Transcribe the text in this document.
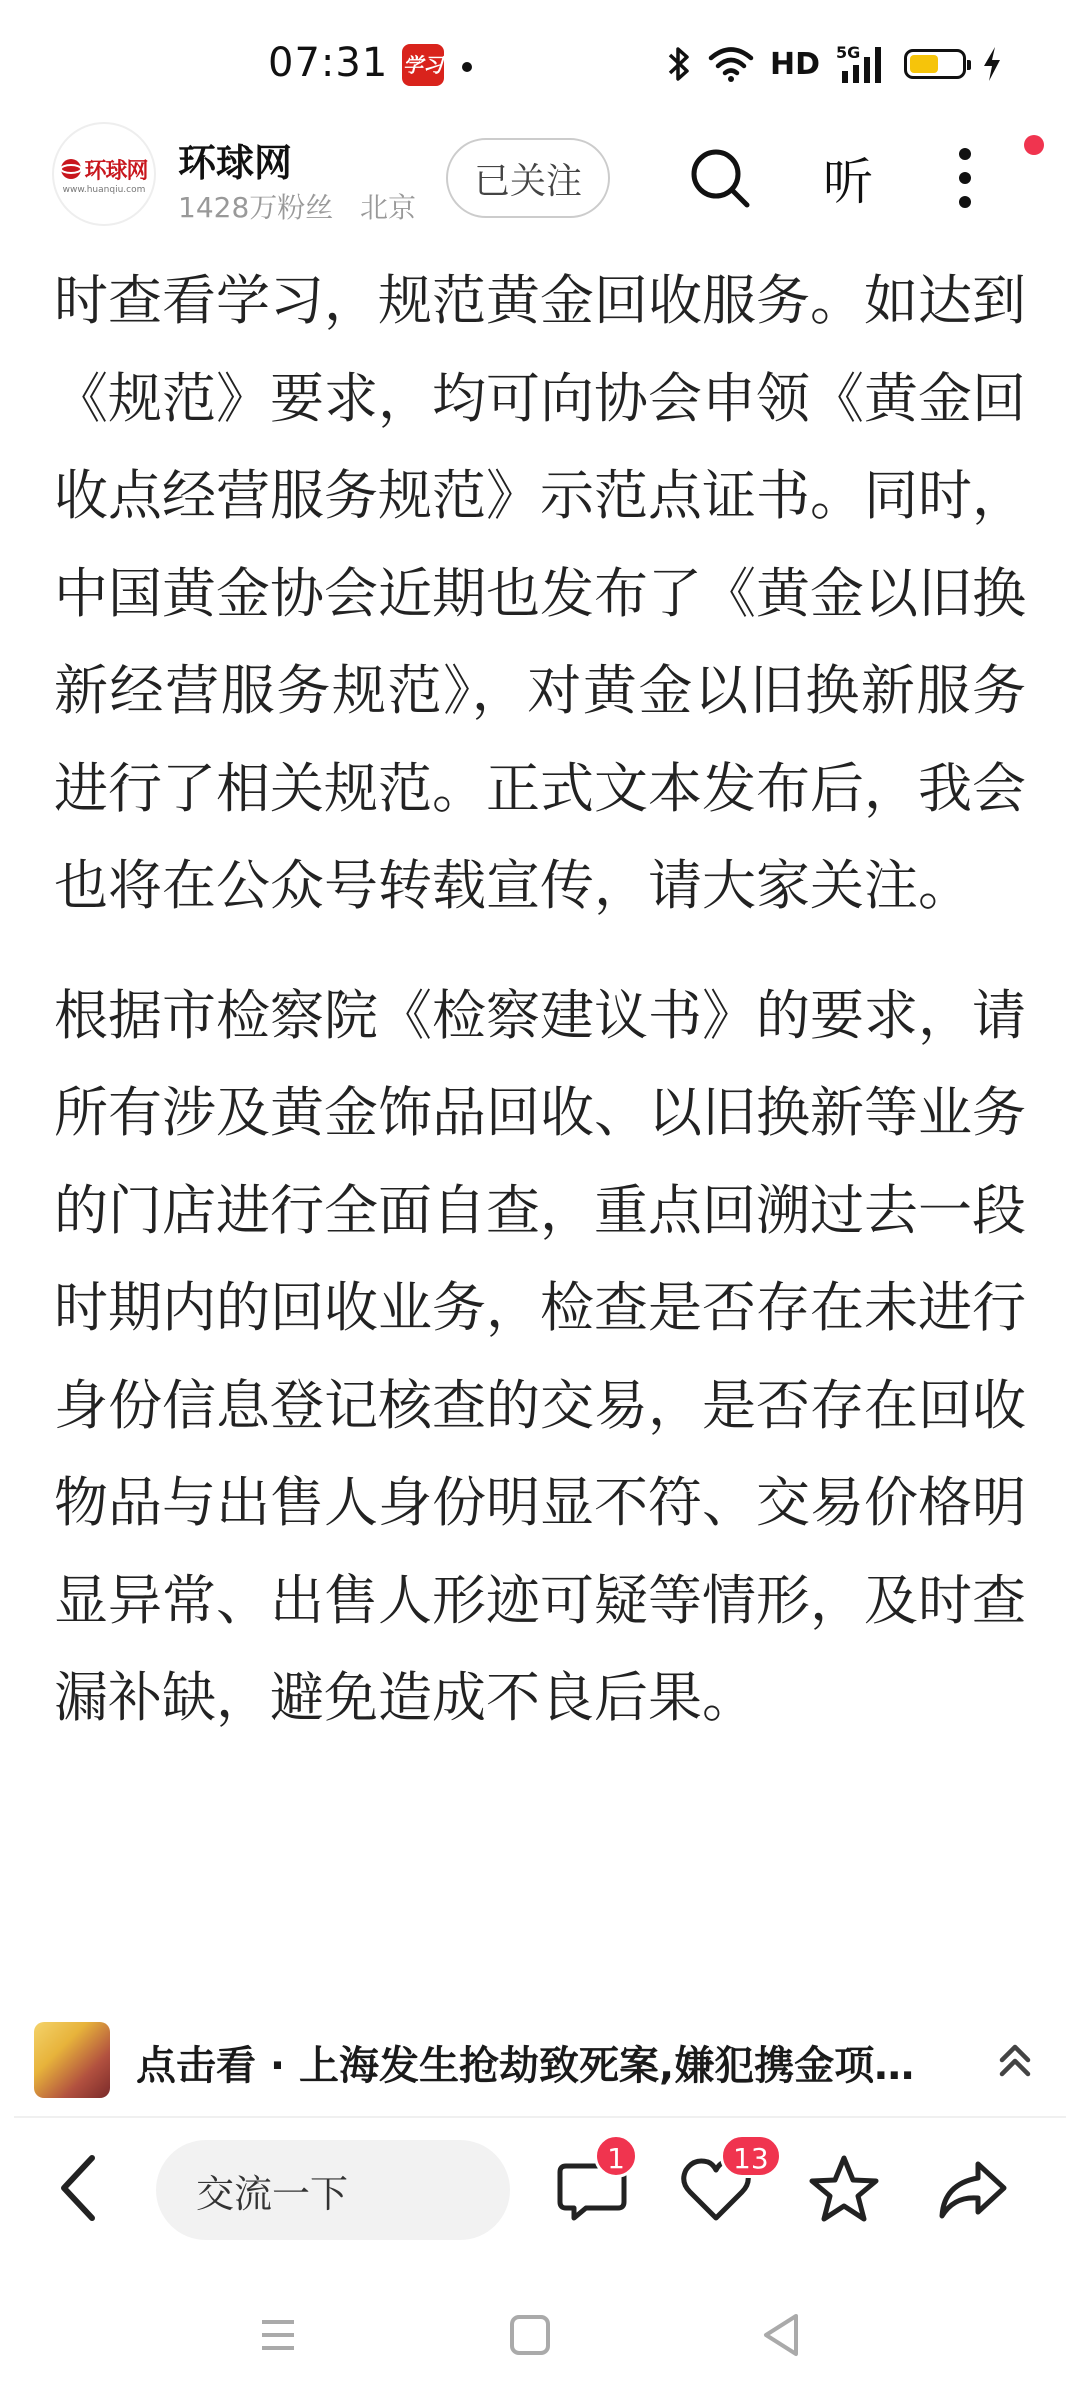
07:31 学习	HD 5G
环球网
www.huanqiu.com
环球网
1428万粉丝 北京
已关注	听

时查看学习，规范黄金回收服务。如达到《规范》要求，均可向协会申领《黄金回收点经营服务规范》示范点证书。同时，中国黄金协会近期也发布了《黄金以旧换新经营服务规范》，对黄金以旧换新服务进行了相关规范。正式文本发布后，我会也将在公众号转载宣传，请大家关注。

根据市检察院《检察建议书》的要求，请所有涉及黄金饰品回收、以旧换新等业务的门店进行全面自查，重点回溯过去一段时期内的回收业务，检查是否存在未进行身份信息登记核查的交易，是否存在回收物品与出售人身份明显不符、交易价格明显异常、出售人形迹可疑等情形，及时查漏补缺，避免造成不良后果。

点击看 · 上海发生抢劫致死案,嫌犯携金项…
交流一下
1	13
